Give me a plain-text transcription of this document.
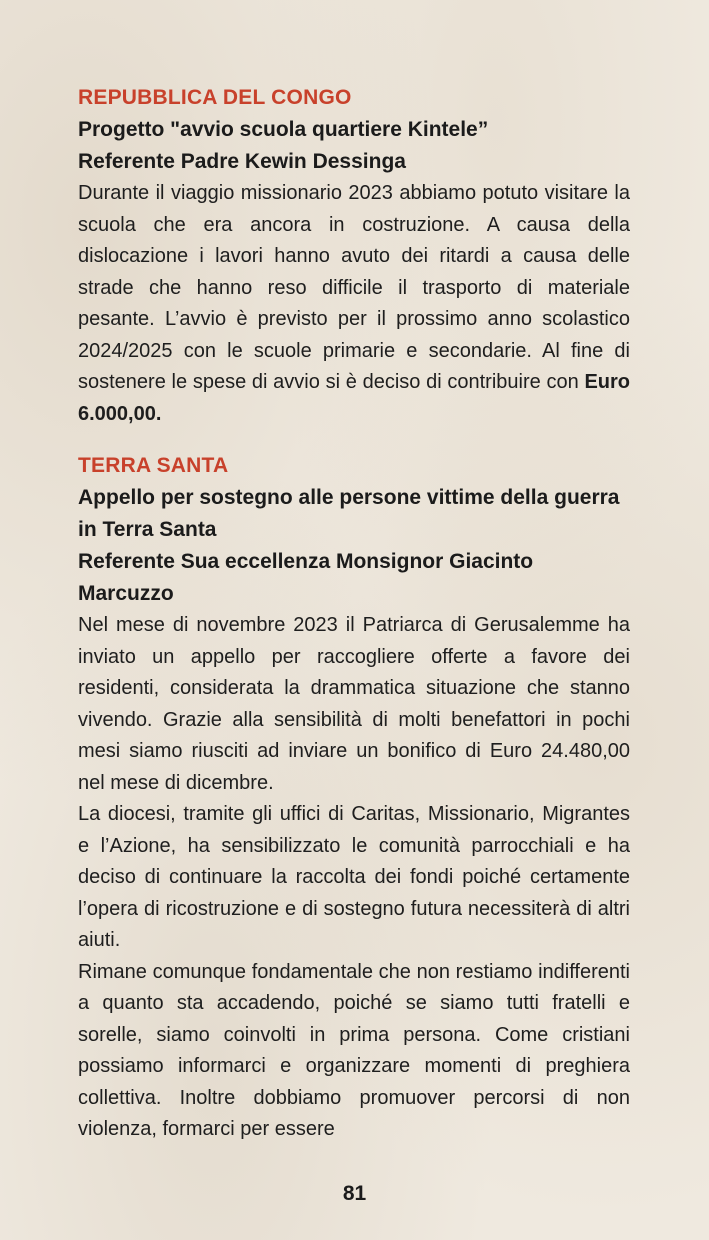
REPUBBLICA DEL CONGO

Progetto "avvio scuola quartiere Kintele”

Referente Padre Kewin Dessinga

Durante il viaggio missionario 2023 abbiamo potuto visitare la scuola che era ancora in costruzione. A causa della dislocazione i lavori hanno avuto dei ritardi a causa delle strade che hanno reso difficile il trasporto di materiale pesante. L’avvio è previsto per il prossimo anno scolastico 2024/2025 con le scuole primarie e secondarie. Al fine di sostenere le spese di avvio si è deciso di contribuire con Euro 6.000,00.

TERRA SANTA

Appello per sostegno alle persone vittime della guerra in Terra Santa

Referente Sua eccellenza Monsignor Giacinto Marcuzzo

Nel mese di novembre 2023 il Patriarca di Gerusalemme ha inviato un appello per raccogliere offerte a favore dei residenti, considerata la drammatica situazione che stanno vivendo. Grazie alla sensibilità di molti benefattori in pochi mesi siamo riusciti ad inviare un bonifico di Euro 24.480,00 nel mese di dicembre.

La diocesi, tramite gli uffici di Caritas, Missionario, Migrantes e l’Azione, ha sensibilizzato le comunità parrocchiali e ha deciso di continuare la raccolta dei fondi poiché certamente l’opera di ricostruzione e di sostegno futura necessiterà di altri aiuti.

Rimane comunque fondamentale che non restiamo indifferenti a quanto sta accadendo, poiché se siamo tutti fratelli e sorelle, siamo coinvolti in prima persona. Come cristiani possiamo informarci e organizzare momenti di preghiera collettiva. Inoltre dobbiamo promuover percorsi di non violenza, formarci per essere

81
